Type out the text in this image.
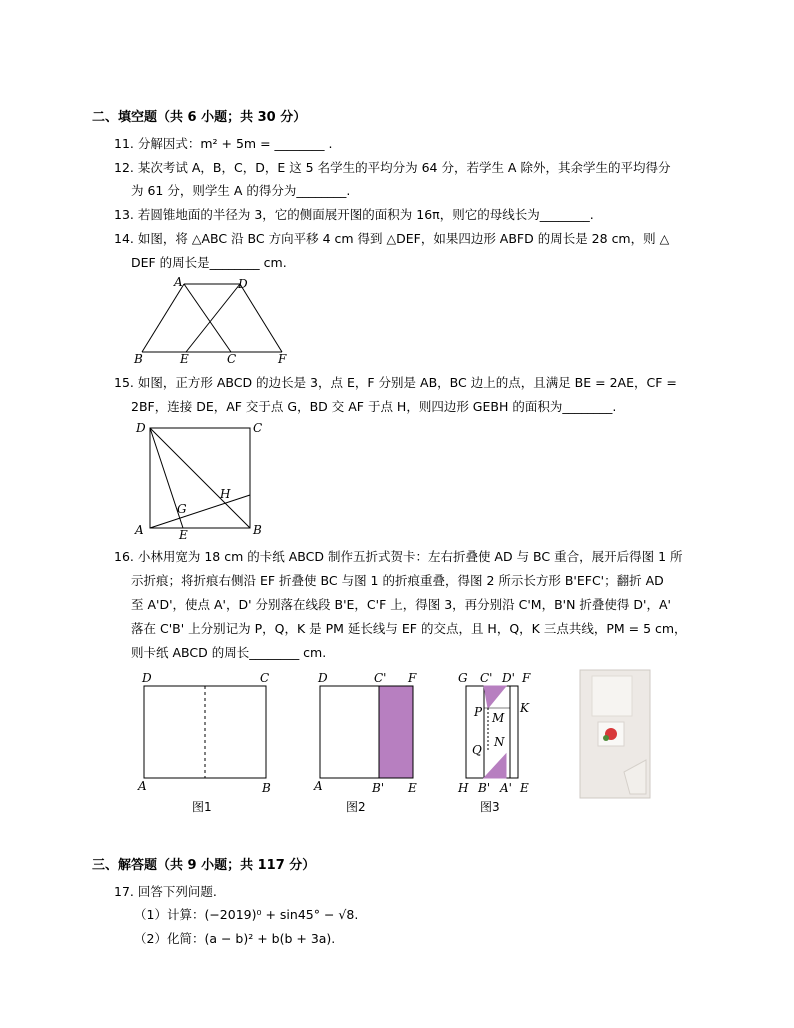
二、填空题（共 6 小题；共 30 分）
11. 分解因式：m² + 5m = ________ .
12. 某次考试 A，B，C，D，E 这 5 名学生的平均分为 64 分，若学生 A 除外，其余学生的平均得分
为 61 分，则学生 A 的得分为________.
13. 若圆锥地面的半径为 3，它的侧面展开图的面积为 16π，则它的母线长为________.
14. 如图，将 △ABC 沿 BC 方向平移 4 cm 得到 △DEF，如果四边形 ABFD 的周长是 28 cm，则 △
DEF 的周长是________ cm.
A	D
B	E	C	F
15. 如图，正方形 ABCD 的边长是 3，点 E，F 分别是 AB，BC 边上的点，且满足 BE = 2AE，CF =
2BF，连接 DE，AF 交于点 G，BD 交 AF 于点 H，则四边形 GEBH 的面积为________.
D	C
A	E	B
G
H
16. 小林用宽为 18 cm 的卡纸 ABCD 制作五折式贺卡：左右折叠使 AD 与 BC 重合，展开后得图 1 所
示折痕；将折痕右侧沿 EF 折叠使 BC 与图 1 的折痕重叠，得图 2 所示长方形 B'EFC'；翻折 AD
至 A'D'，使点 A'，D' 分别落在线段 B'E，C'F 上，得图 3，再分别沿 C'M，B'N 折叠使得 D'，A'
落在 C'B' 上分别记为 P，Q，K 是 PM 延长线与 EF 的交点，且 H，Q，K 三点共线，PM = 5 cm，
则卡纸 ABCD 的周长________ cm.
D	C
A	B
图1
D	C' F
A	B' E
图2
G C' D' F
P M
K
N
Q
H B' A' E
图3
三、解答题（共 9 小题；共 117 分）
17. 回答下列问题.
（1）计算：(−2019)⁰ + sin45° − √8.
（2）化简：(a − b)² + b(b + 3a).
